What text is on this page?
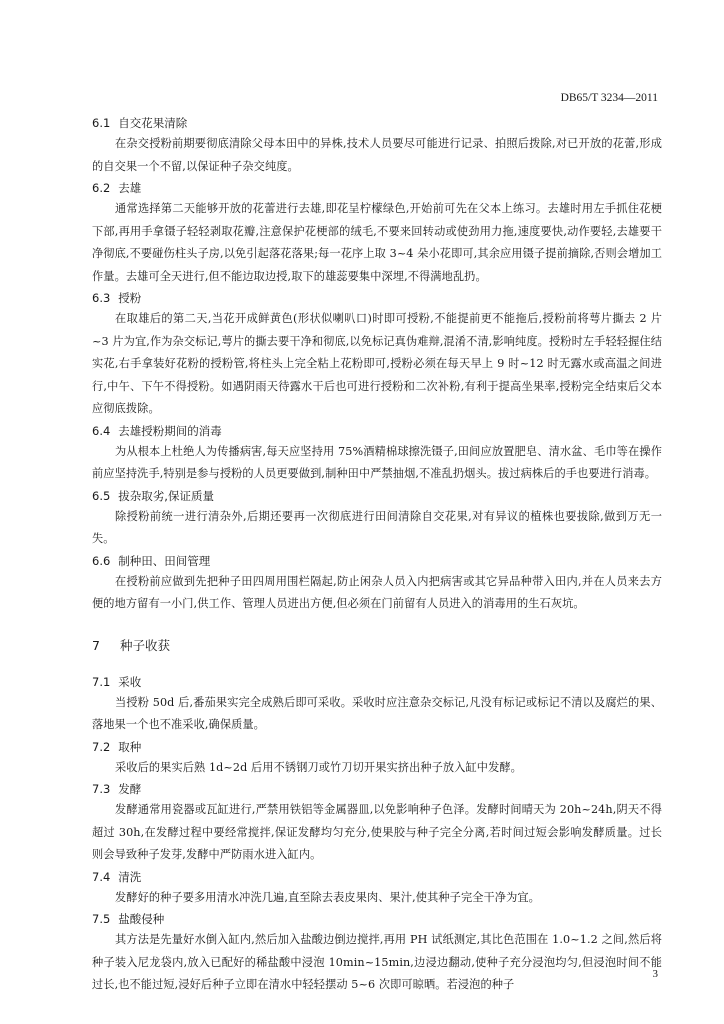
DB65/T 3234—2011
6.1 自交花果清除

在杂交授粉前期要彻底清除父母本田中的异株,技术人员要尽可能进行记录、拍照后拨除,对已开放的花蕾,形成的自交果一个不留,以保证种子杂交纯度。

6.2 去雄

通常选择第二天能够开放的花蕾进行去雄,即花呈柠檬绿色,开始前可先在父本上练习。去雄时用左手抓住花梗下部,再用手拿镊子轻轻剥取花瓣,注意保护花梗部的绒毛,不要来回转动或使劲用力拖,速度要快,动作要轻,去雄要干净彻底,不要碰伤柱头子房,以免引起落花落果;每一花序上取 3~4 朵小花即可,其余应用镊子提前摘除,否则会增加工作量。去雄可全天进行,但不能边取边授,取下的雄蕊要集中深埋,不得满地乱扔。

6.3 授粉

在取雄后的第二天,当花开成鲜黄色(形状似喇叭口)时即可授粉,不能提前更不能拖后,授粉前将萼片撕去 2 片~3 片为宜,作为杂交标记,萼片的撕去要干净和彻底,以免标记真伪难辩,混淆不清,影响纯度。授粉时左手轻轻握住结实花,右手拿装好花粉的授粉管,将柱头上完全粘上花粉即可,授粉必须在每天早上 9 时~12 时无露水或高温之间进行,中午、下午不得授粉。如遇阴雨天待露水干后也可进行授粉和二次补粉,有利于提高坐果率,授粉完全结束后父本应彻底拨除。

6.4 去雄授粉期间的消毒

为从根本上杜绝人为传播病害,每天应坚持用 75%酒精棉球擦洗镊子,田间应放置肥皂、清水盆、毛巾等在操作前应坚持洗手,特别是参与授粉的人员更要做到,制种田中严禁抽烟,不准乱扔烟头。拔过病株后的手也要进行消毒。

6.5 拔杂取劣,保证质量

除授粉前统一进行清杂外,后期还要再一次彻底进行田间清除自交花果,对有异议的植株也要拔除,做到万无一失。

6.6 制种田、田间管理

在授粉前应做到先把种子田四周用围栏隔起,防止闲杂人员入内把病害或其它异品种带入田内,并在人员来去方便的地方留有一小门,供工作、管理人员进出方便,但必须在门前留有人员进入的消毒用的生石灰坑。

7 种子收获
7.1 采收

当授粉 50d 后,番茄果实完全成熟后即可采收。采收时应注意杂交标记,凡没有标记或标记不清以及腐烂的果、落地果一个也不准采收,确保质量。

7.2 取种

采收后的果实后熟 1d~2d 后用不锈钢刀或竹刀切开果实挤出种子放入缸中发酵。

7.3 发酵

发酵通常用瓷器或瓦缸进行,严禁用铁铝等金属器皿,以免影响种子色泽。发酵时间晴天为 20h~24h,阴天不得超过 30h,在发酵过程中要经常搅拌,保证发酵均匀充分,使果胶与种子完全分离,若时间过短会影响发酵质量。过长则会导致种子发芽,发酵中严防雨水进入缸内。

7.4 清洗

发酵好的种子要多用清水冲洗几遍,直至除去表皮果肉、果汁,使其种子完全干净为宜。

7.5 盐酸侵种

其方法是先量好水倒入缸内,然后加入盐酸边倒边搅拌,再用 PH 试纸测定,其比色范围在 1.0~1.2 之间,然后将种子装入尼龙袋内,放入已配好的稀盐酸中浸泡 10min~15min,边浸边翻动,使种子充分浸泡均匀,但浸泡时间不能过长,也不能过短,浸好后种子立即在清水中轻轻摆动 5~6 次即可晾晒。若浸泡的种子

3
